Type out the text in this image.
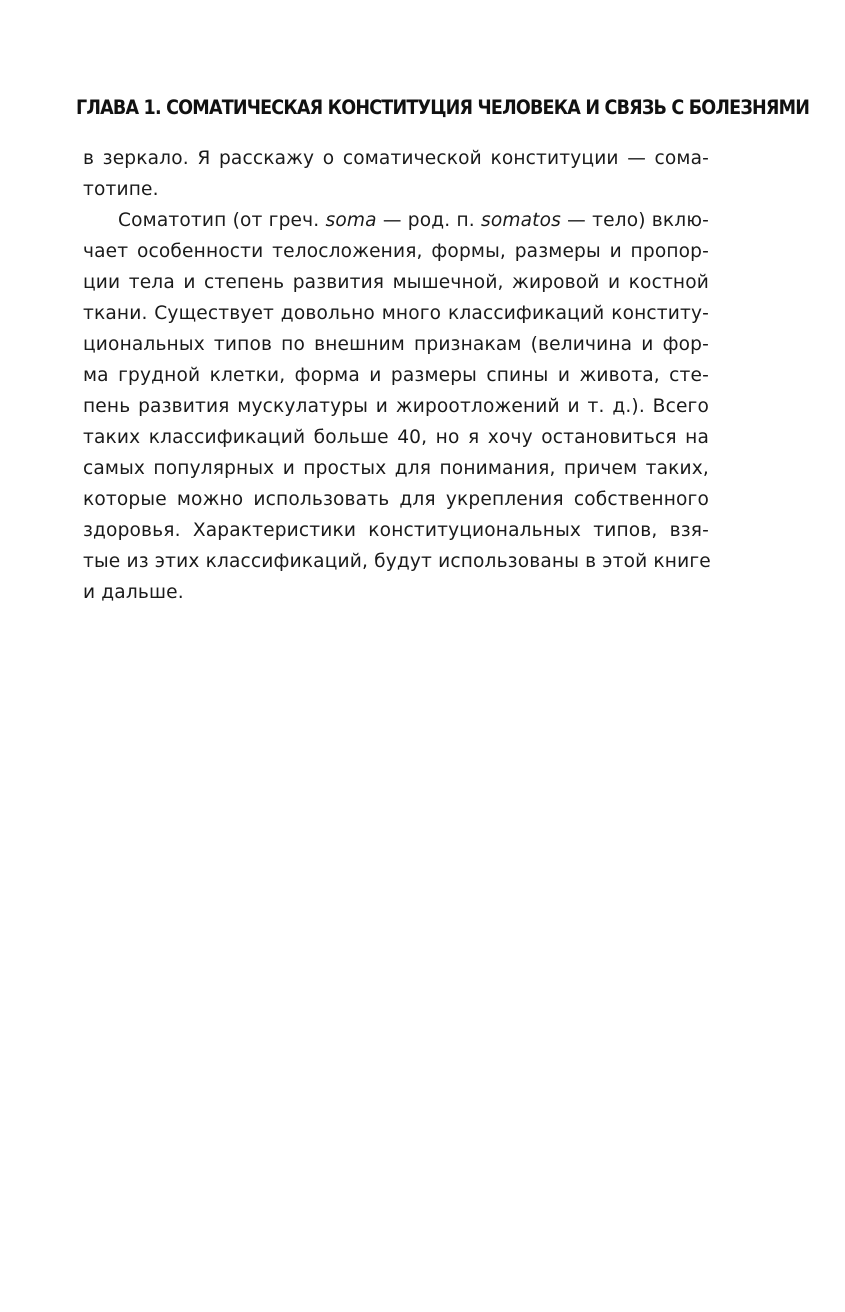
ГЛАВА 1. СОМАТИЧЕСКАЯ КОНСТИТУЦИЯ ЧЕЛОВЕКА И СВЯЗЬ С БОЛЕЗНЯМИ
в зеркало. Я расскажу о соматической конституции — сома-
тотипе.
Соматотип (от греч. soma — род. п. somatos — тело) вклю-
чает особенности телосложения, формы, размеры и пропор-
ции тела и степень развития мышечной, жировой и костной
ткани. Существует довольно много классификаций конститу-
циональных типов по внешним признакам (величина и фор-
ма грудной клетки, форма и размеры спины и живота, сте-
пень развития мускулатуры и жироотложений и т. д.). Всего
таких классификаций больше 40, но я хочу остановиться на
самых популярных и простых для понимания, причем таких,
которые можно использовать для укрепления собственного
здоровья. Характеристики конституциональных типов, взя-
тые из этих классификаций, будут использованы в этой книге
и дальше.
